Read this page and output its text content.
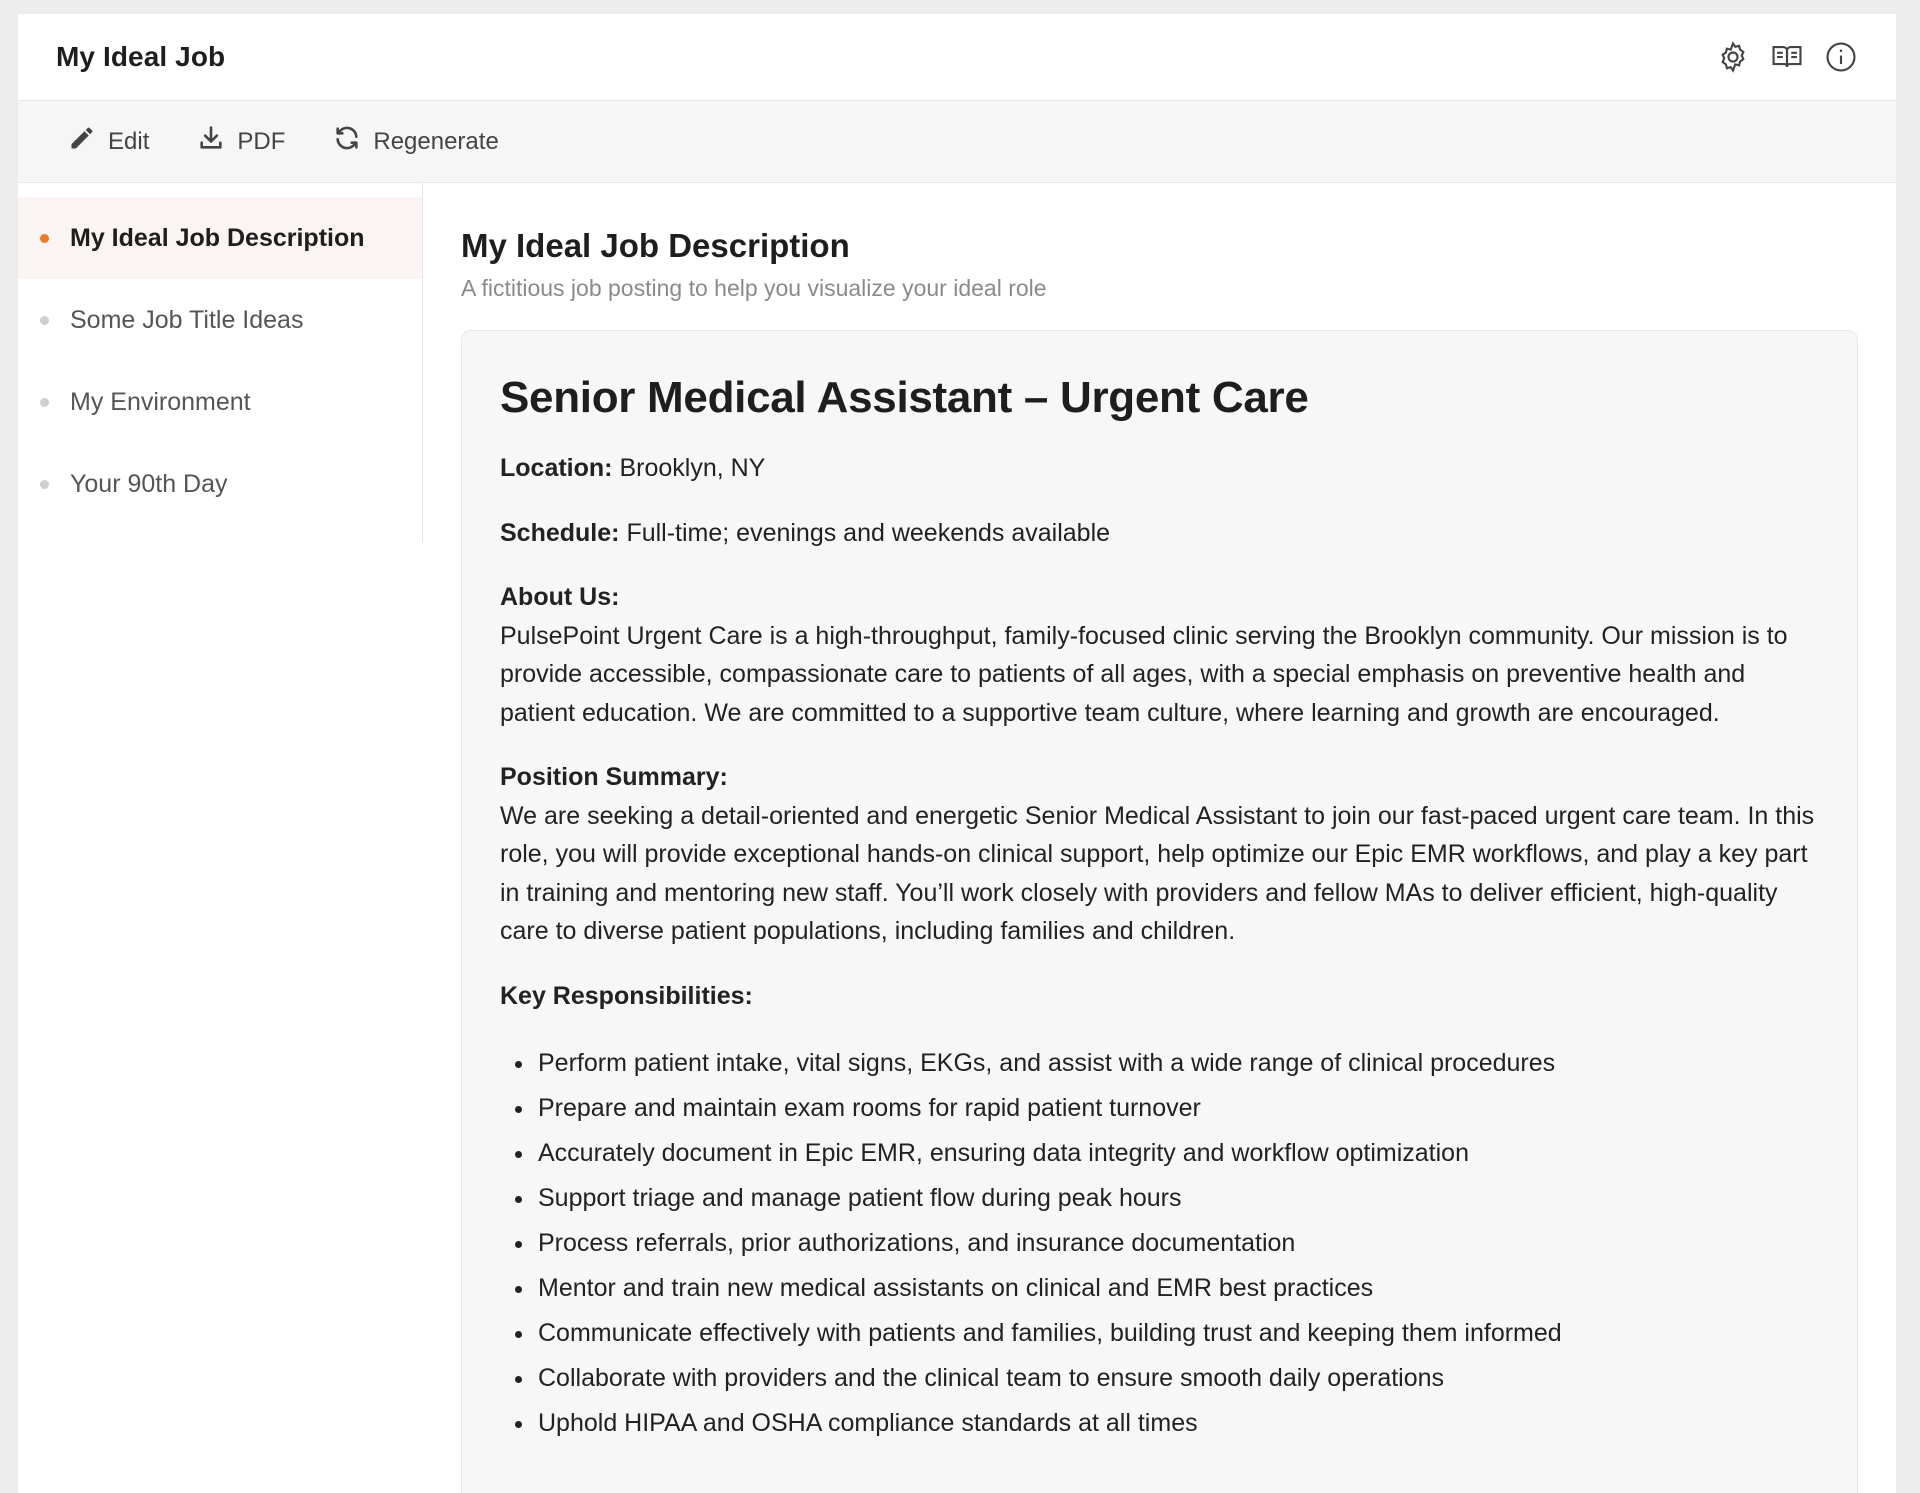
My Ideal Job
Edit	PDF	Regenerate
My Ideal Job Description
Some Job Title Ideas
My Environment
Your 90th Day
My Ideal Job Description
A fictitious job posting to help you visualize your ideal role
Senior Medical Assistant – Urgent Care

Location: Brooklyn, NY

Schedule: Full-time; evenings and weekends available

About Us:

PulsePoint Urgent Care is a high-throughput, family-focused clinic serving the Brooklyn community. Our mission is to provide accessible, compassionate care to patients of all ages, with a special emphasis on preventive health and patient education. We are committed to a supportive team culture, where learning and growth are encouraged.

Position Summary:

We are seeking a detail-oriented and energetic Senior Medical Assistant to join our fast-paced urgent care team. In this role, you will provide exceptional hands-on clinical support, help optimize our Epic EMR workflows, and play a key part in training and mentoring new staff. You’ll work closely with providers and fellow MAs to deliver efficient, high-quality care to diverse patient populations, including families and children.

Key Responsibilities:
Perform patient intake, vital signs, EKGs, and assist with a wide range of clinical procedures
Prepare and maintain exam rooms for rapid patient turnover
Accurately document in Epic EMR, ensuring data integrity and workflow optimization
Support triage and manage patient flow during peak hours
Process referrals, prior authorizations, and insurance documentation
Mentor and train new medical assistants on clinical and EMR best practices
Communicate effectively with patients and families, building trust and keeping them informed
Collaborate with providers and the clinical team to ensure smooth daily operations
Uphold HIPAA and OSHA compliance standards at all times
